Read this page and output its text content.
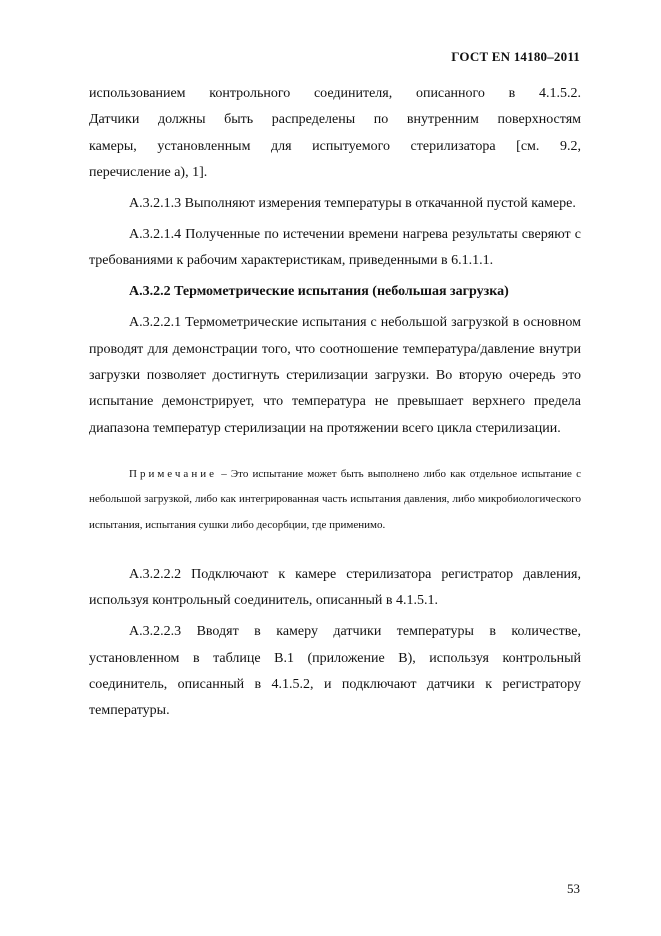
ГОСТ EN 14180–2011

использованием контрольного соединителя, описанного в 4.1.5.2.

Датчики должны быть распределены по внутренним поверхностям

камеры, установленным для испытуемого стерилизатора [см. 9.2,

перечисление а), 1].

А.3.2.1.3 Выполняют измерения температуры в откачанной пустой камере.

А.3.2.1.4 Полученные по истечении времени нагрева результаты сверяют с требованиями к рабочим характеристикам, приведенными в 6.1.1.1.

А.3.2.2 Термометрические испытания (небольшая загрузка)

А.3.2.2.1 Термометрические испытания с небольшой загрузкой в основном проводят для демонстрации того, что соотношение температура/давление внутри загрузки позволяет достигнуть стерилизации загрузки. Во вторую очередь это испытание демонстрирует, что температура не превышает верхнего предела диапазона температур стерилизации на протяжении всего цикла стерилизации.

Примечание – Это испытание может быть выполнено либо как отдельное испытание с небольшой загрузкой, либо как интегрированная часть испытания давления, либо микробиологического испытания, испытания сушки либо десорбции, где применимо.

А.3.2.2.2 Подключают к камере стерилизатора регистратор давления, используя контрольный соединитель, описанный в 4.1.5.1.

А.3.2.2.3 Вводят в камеру датчики температуры в количестве, установленном в таблице В.1 (приложение В), используя контрольный соединитель, описанный в 4.1.5.2, и подключают датчики к регистратору температуры.

53
